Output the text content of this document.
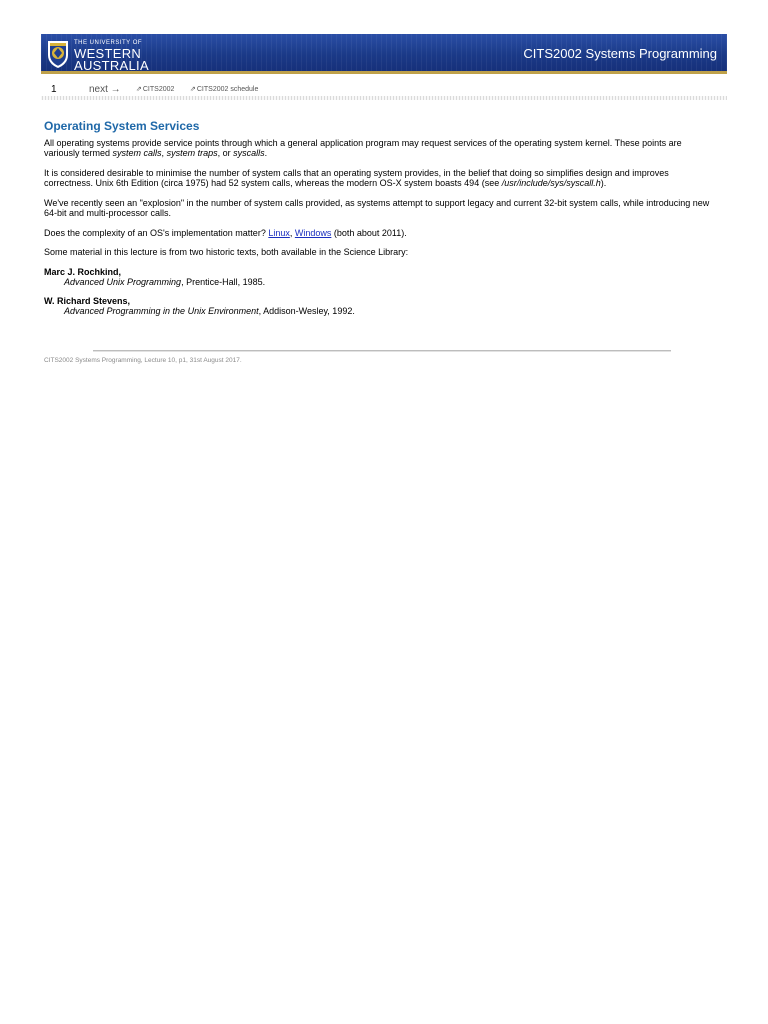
THE UNIVERSITY OF
WESTERN
AUSTRALIA
CITS2002 Systems Programming
1	next → ⇗CITS2002 ⇗CITS2002 schedule
Operating System Services

All operating systems provide service points through which a general application program may request services of the operating system kernel. These points are variously termed system calls, system traps, or syscalls.

It is considered desirable to minimise the number of system calls that an operating system provides, in the belief that doing so simplifies design and improves correctness. Unix 6th Edition (circa 1975) had 52 system calls, whereas the modern OS-X system boasts 494 (see /usr/include/sys/syscall.h).

We've recently seen an "explosion" in the number of system calls provided, as systems attempt to support legacy and current 32-bit system calls, while introducing new 64-bit and multi-processor calls.

Does the complexity of an OS's implementation matter? Linux, Windows (both about 2011).

Some material in this lecture is from two historic texts, both available in the Science Library:

Marc J. Rochkind,
Advanced Unix Programming, Prentice-Hall, 1985.
W. Richard Stevens,
Advanced Programming in the Unix Environment, Addison-Wesley, 1992.
CITS2002 Systems Programming, Lecture 10, p1, 31st August 2017.
